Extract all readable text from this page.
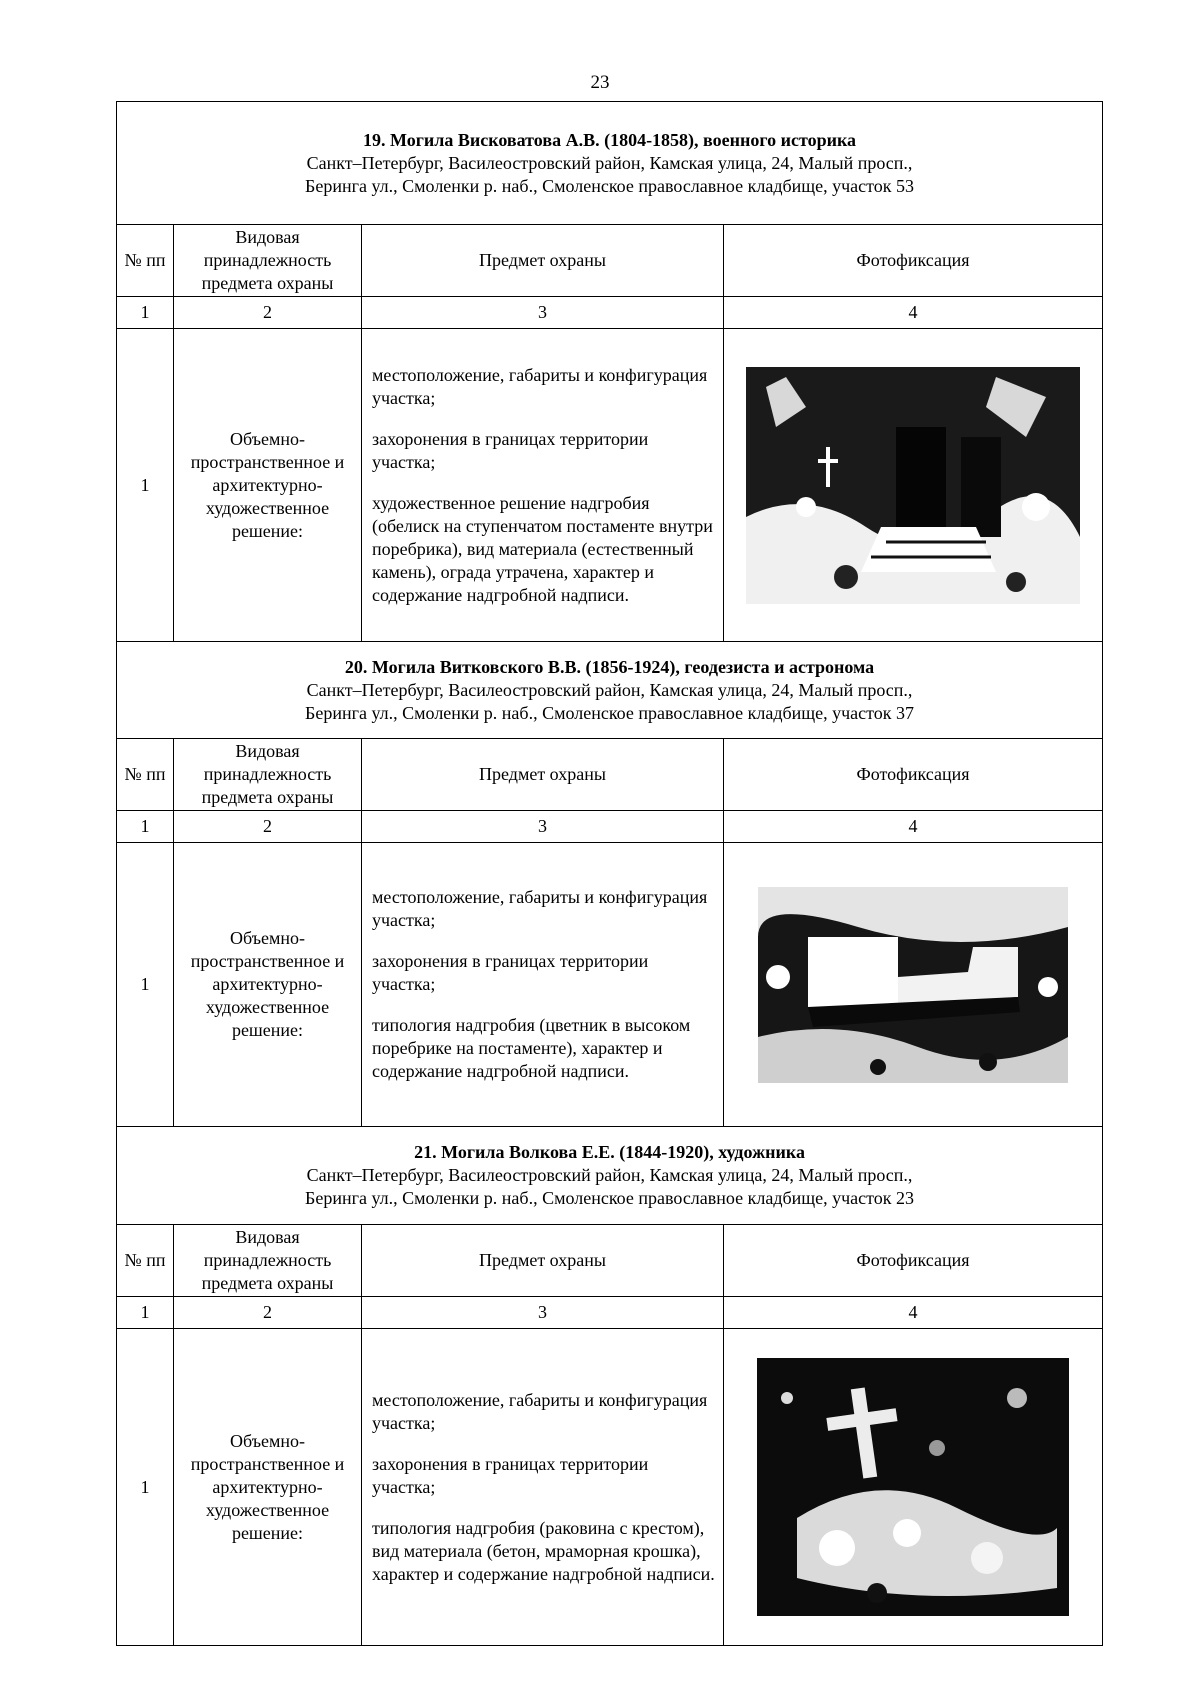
23
19. Могила Висковатова А.В. (1804-1858), военного историка
Санкт–Петербург, Василеостровский район, Камская улица, 24, Малый просп.,
Беринга ул., Смоленки р. наб., Смоленское православное кладбище, участок 53			

№ пп	Видовая принадлежность предмета охраны	Предмет охраны	Фотофиксация
1	2	3	4
1	Объемно-пространственное и архитектурно-художественное решение:	местоположение, габариты и конфигурация участка;

захоронения в границах территории участка;

художественное решение надгробия (обелиск на ступенчатом постаменте внутри поребрика), вид материала (естественный камень), ограда утрачена, характер и содержание надгробной надписи.

20. Могила Витковского В.В. (1856-1924), геодезиста и астронома
Санкт–Петербург, Василеостровский район, Камская улица, 24, Малый просп.,
Беринга ул., Смоленки р. наб., Смоленское православное кладбище, участок 37			

№ пп	Видовая принадлежность предмета охраны	Предмет охраны	Фотофиксация
1	2	3	4
1	Объемно-пространственное и архитектурно-художественное решение:	местоположение, габариты и конфигурация участка;

захоронения в границах территории участка;

типология надгробия (цветник в высоком поребрике на постаменте), характер и содержание надгробной надписи.

21. Могила Волкова Е.Е. (1844-1920), художника
Санкт–Петербург, Василеостровский район, Камская улица, 24, Малый просп.,
Беринга ул., Смоленки р. наб., Смоленское православное кладбище, участок 23			

№ пп	Видовая принадлежность предмета охраны	Предмет охраны	Фотофиксация
1	2	3	4
1	Объемно-пространственное и архитектурно-художественное решение:	местоположение, габариты и конфигурация участка;

захоронения в границах территории участка;

типология надгробия (раковина с крестом), вид материала (бетон, мраморная крошка), характер и содержание надгробной надписи.
